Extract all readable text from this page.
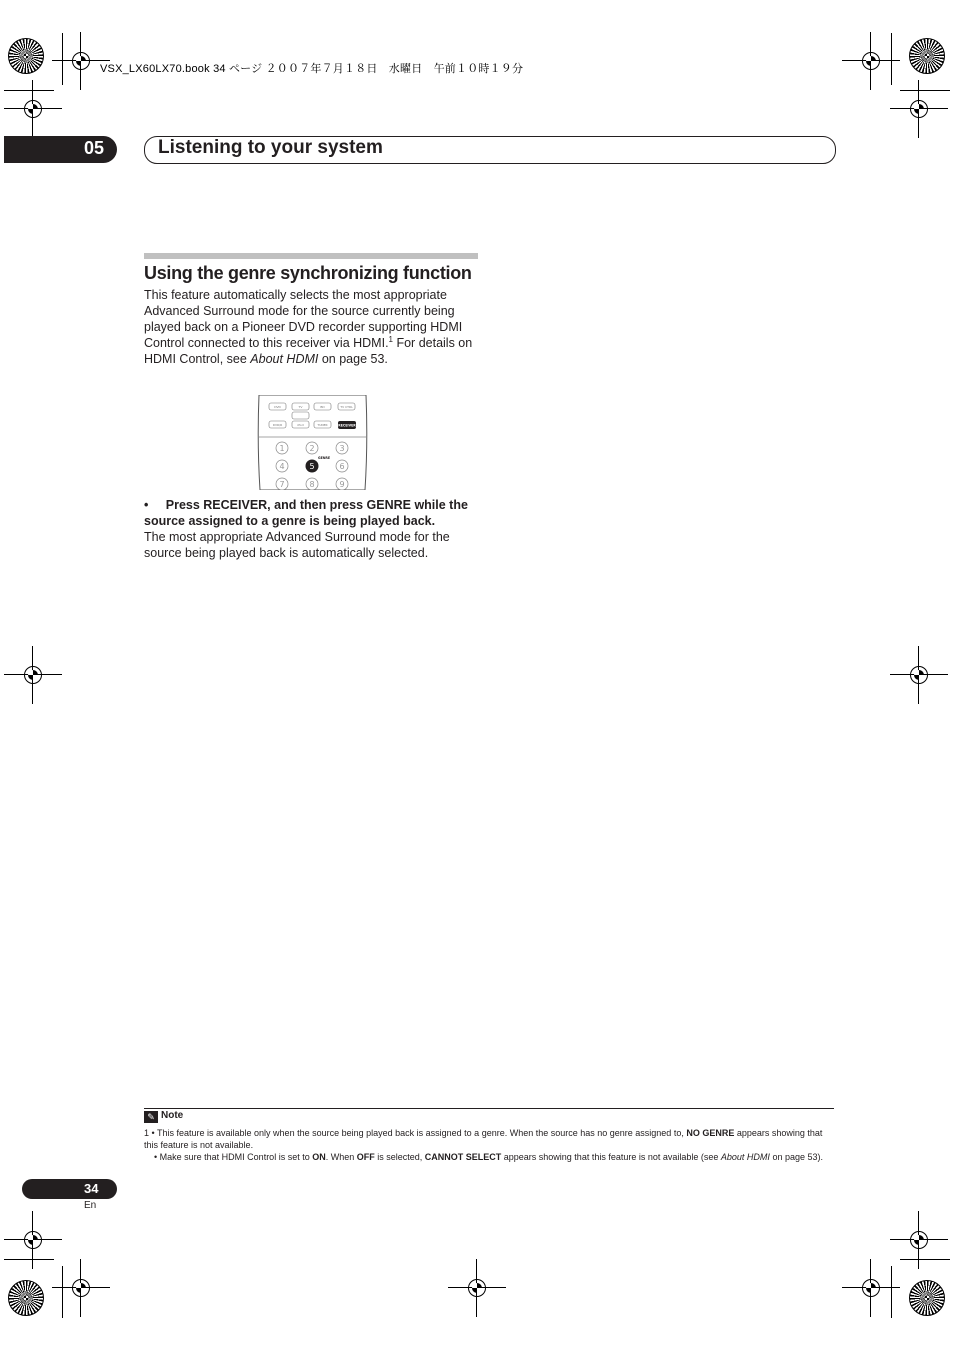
VSX_LX60LX70.book 34 ページ ２００７年７月１８日　水曜日　午前１０時１９分
05	Listening to your system
Using the genre synchronizing function
This feature automatically selects the most appropriate Advanced Surround mode for the source currently being played back on a Pioneer DVD recorder supporting HDMI Control connected to this receiver via HDMI.$^1$ For details on HDMI Control, see About HDMI on page 53.
DVD	TV	BD	TV CTRL
DVR/R	iPod	TUNER	RECEIVER
1	2	3
4	6
7	8	9
5
GENRE
•     Press RECEIVER, and then press GENRE while the source assigned to a genre is being played back.
The most appropriate Advanced Surround mode for the source being played back is automatically selected.
✎ Note
1 • This feature is available only when the source being played back is assigned to a genre. When the source has no genre assigned to, NO GENRE appears showing that this feature is not available.
• Make sure that HDMI Control is set to ON. When OFF is selected, CANNOT SELECT appears showing that this feature is not available (see About HDMI on page 53).
34
En
